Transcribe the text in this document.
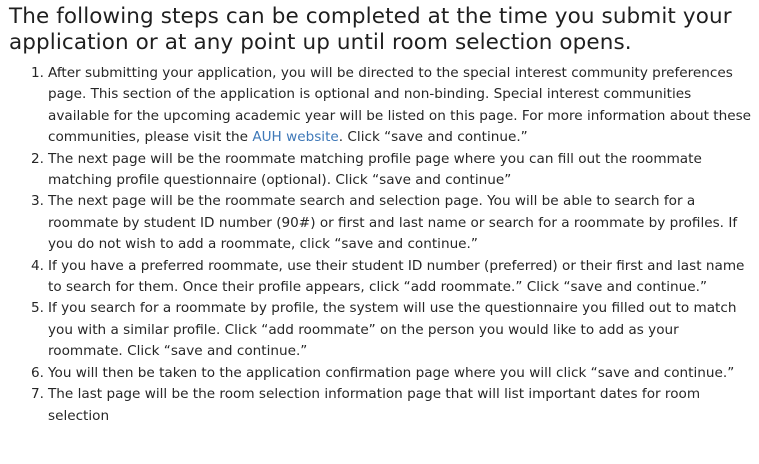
The following steps can be completed at the time you submit your application or at any point up until room selection opens.
1. After submitting your application, you will be directed to the special interest community preferences page. This section of the application is optional and non-binding. Special interest communities available for the upcoming academic year will be listed on this page. For more information about these communities, please visit the AUH website. Click “save and continue.”
2. The next page will be the roommate matching profile page where you can fill out the roommate matching profile questionnaire (optional). Click “save and continue”
3. The next page will be the roommate search and selection page. You will be able to search for a roommate by student ID number (90#) or first and last name or search for a roommate by profiles. If you do not wish to add a roommate, click “save and continue.”
4. If you have a preferred roommate, use their student ID number (preferred) or their first and last name to search for them. Once their profile appears, click “add roommate.” Click “save and continue.”
5. If you search for a roommate by profile, the system will use the questionnaire you filled out to match you with a similar profile. Click “add roommate” on the person you would like to add as your roommate. Click “save and continue.”
6. You will then be taken to the application confirmation page where you will click “save and continue.”
7. The last page will be the room selection information page that will list important dates for room selection
